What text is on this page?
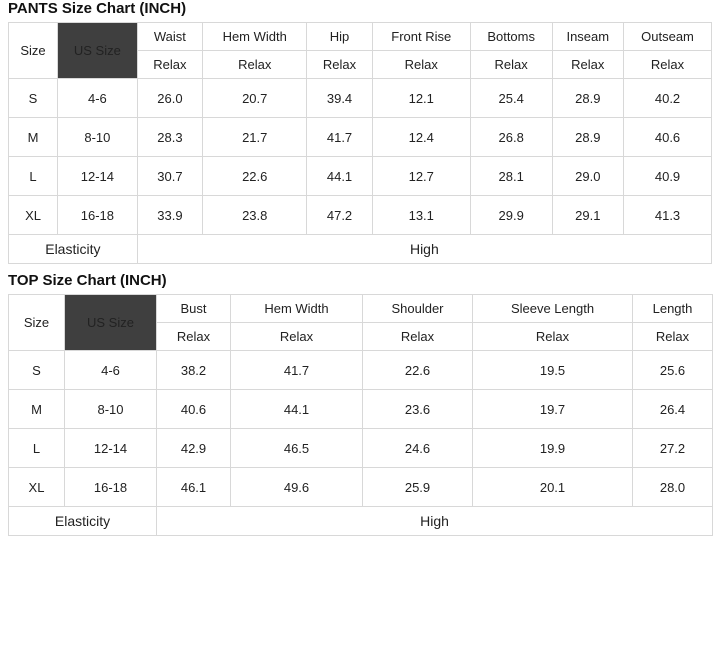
PANTS Size Chart (INCH)
Size	US Size	Waist	Hem Width	Hip	Front Rise	Bottoms	Inseam	Outseam
		Relax	Relax	Relax	Relax	Relax	Relax	Relax
S	4-6	26.0	20.7	39.4	12.1	25.4	28.9	40.2
M	8-10	28.3	21.7	41.7	12.4	26.8	28.9	40.6
L	12-14	30.7	22.6	44.1	12.7	28.1	29.0	40.9
XL	16-18	33.9	23.8	47.2	13.1	29.9	29.1	41.3
Elasticity		High						
TOP Size Chart (INCH)
Size	US Size	Bust	Hem Width	Shoulder	Sleeve Length	Length
		Relax	Relax	Relax	Relax	Relax
S	4-6	38.2	41.7	22.6	19.5	25.6
M	8-10	40.6	44.1	23.6	19.7	26.4
L	12-14	42.9	46.5	24.6	19.9	27.2
XL	16-18	46.1	49.6	25.9	20.1	28.0
Elasticity		High				
